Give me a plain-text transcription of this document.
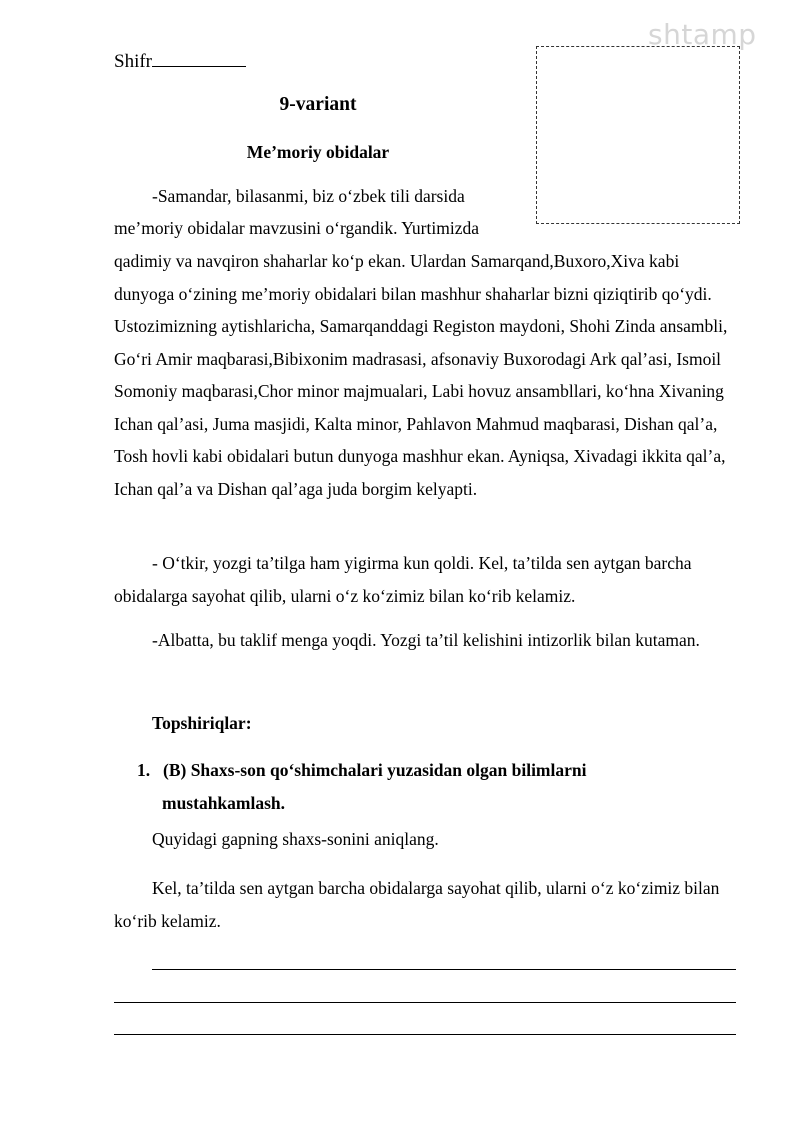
Shifr
shtamp
9-variant
Me’moriy obidalar
-Samandar, bilasanmi, biz o‘zbek tili darsida
me’moriy obidalar mavzusini o‘rgandik. Yurtimizda
qadimiy va navqiron shaharlar ko‘p ekan. Ulardan Samarqand,Buxoro,Xiva kabi dunyoga o‘zining me’moriy obidalari bilan mashhur shaharlar bizni qiziqtirib qo‘ydi. Ustozimizning aytishlaricha, Samarqanddagi Registon maydoni, Shohi Zinda ansambli, Go‘ri Amir maqbarasi,Bibixonim madrasasi, afsonaviy Buxorodagi Ark qal’asi, Ismoil Somoniy maqbarasi,Chor minor majmualari, Labi hovuz ansambllari, ko‘hna Xivaning Ichan qal’asi, Juma masjidi, Kalta minor, Pahlavon Mahmud maqbarasi, Dishan qal’a, Tosh hovli kabi obidalari butun dunyoga mashhur ekan. Ayniqsa, Xivadagi ikkita qal’a, Ichan qal’a va Dishan qal’aga juda borgim kelyapti.
- O‘tkir, yozgi ta’tilga ham yigirma kun qoldi. Kel, ta’tilda sen aytgan barcha obidalarga sayohat qilib, ularni o‘z ko‘zimiz bilan ko‘rib kelamiz.
-Albatta, bu taklif menga yoqdi. Yozgi ta’til kelishini intizorlik bilan kutaman.
Topshiriqlar:
1. (B) Shaxs-son qo‘shimchalari yuzasidan olgan bilimlarni
mustahkamlash.
Quyidagi gapning shaxs-sonini aniqlang.
Kel, ta’tilda sen aytgan barcha obidalarga sayohat qilib, ularni o‘z ko‘zimiz bilan ko‘rib kelamiz.
